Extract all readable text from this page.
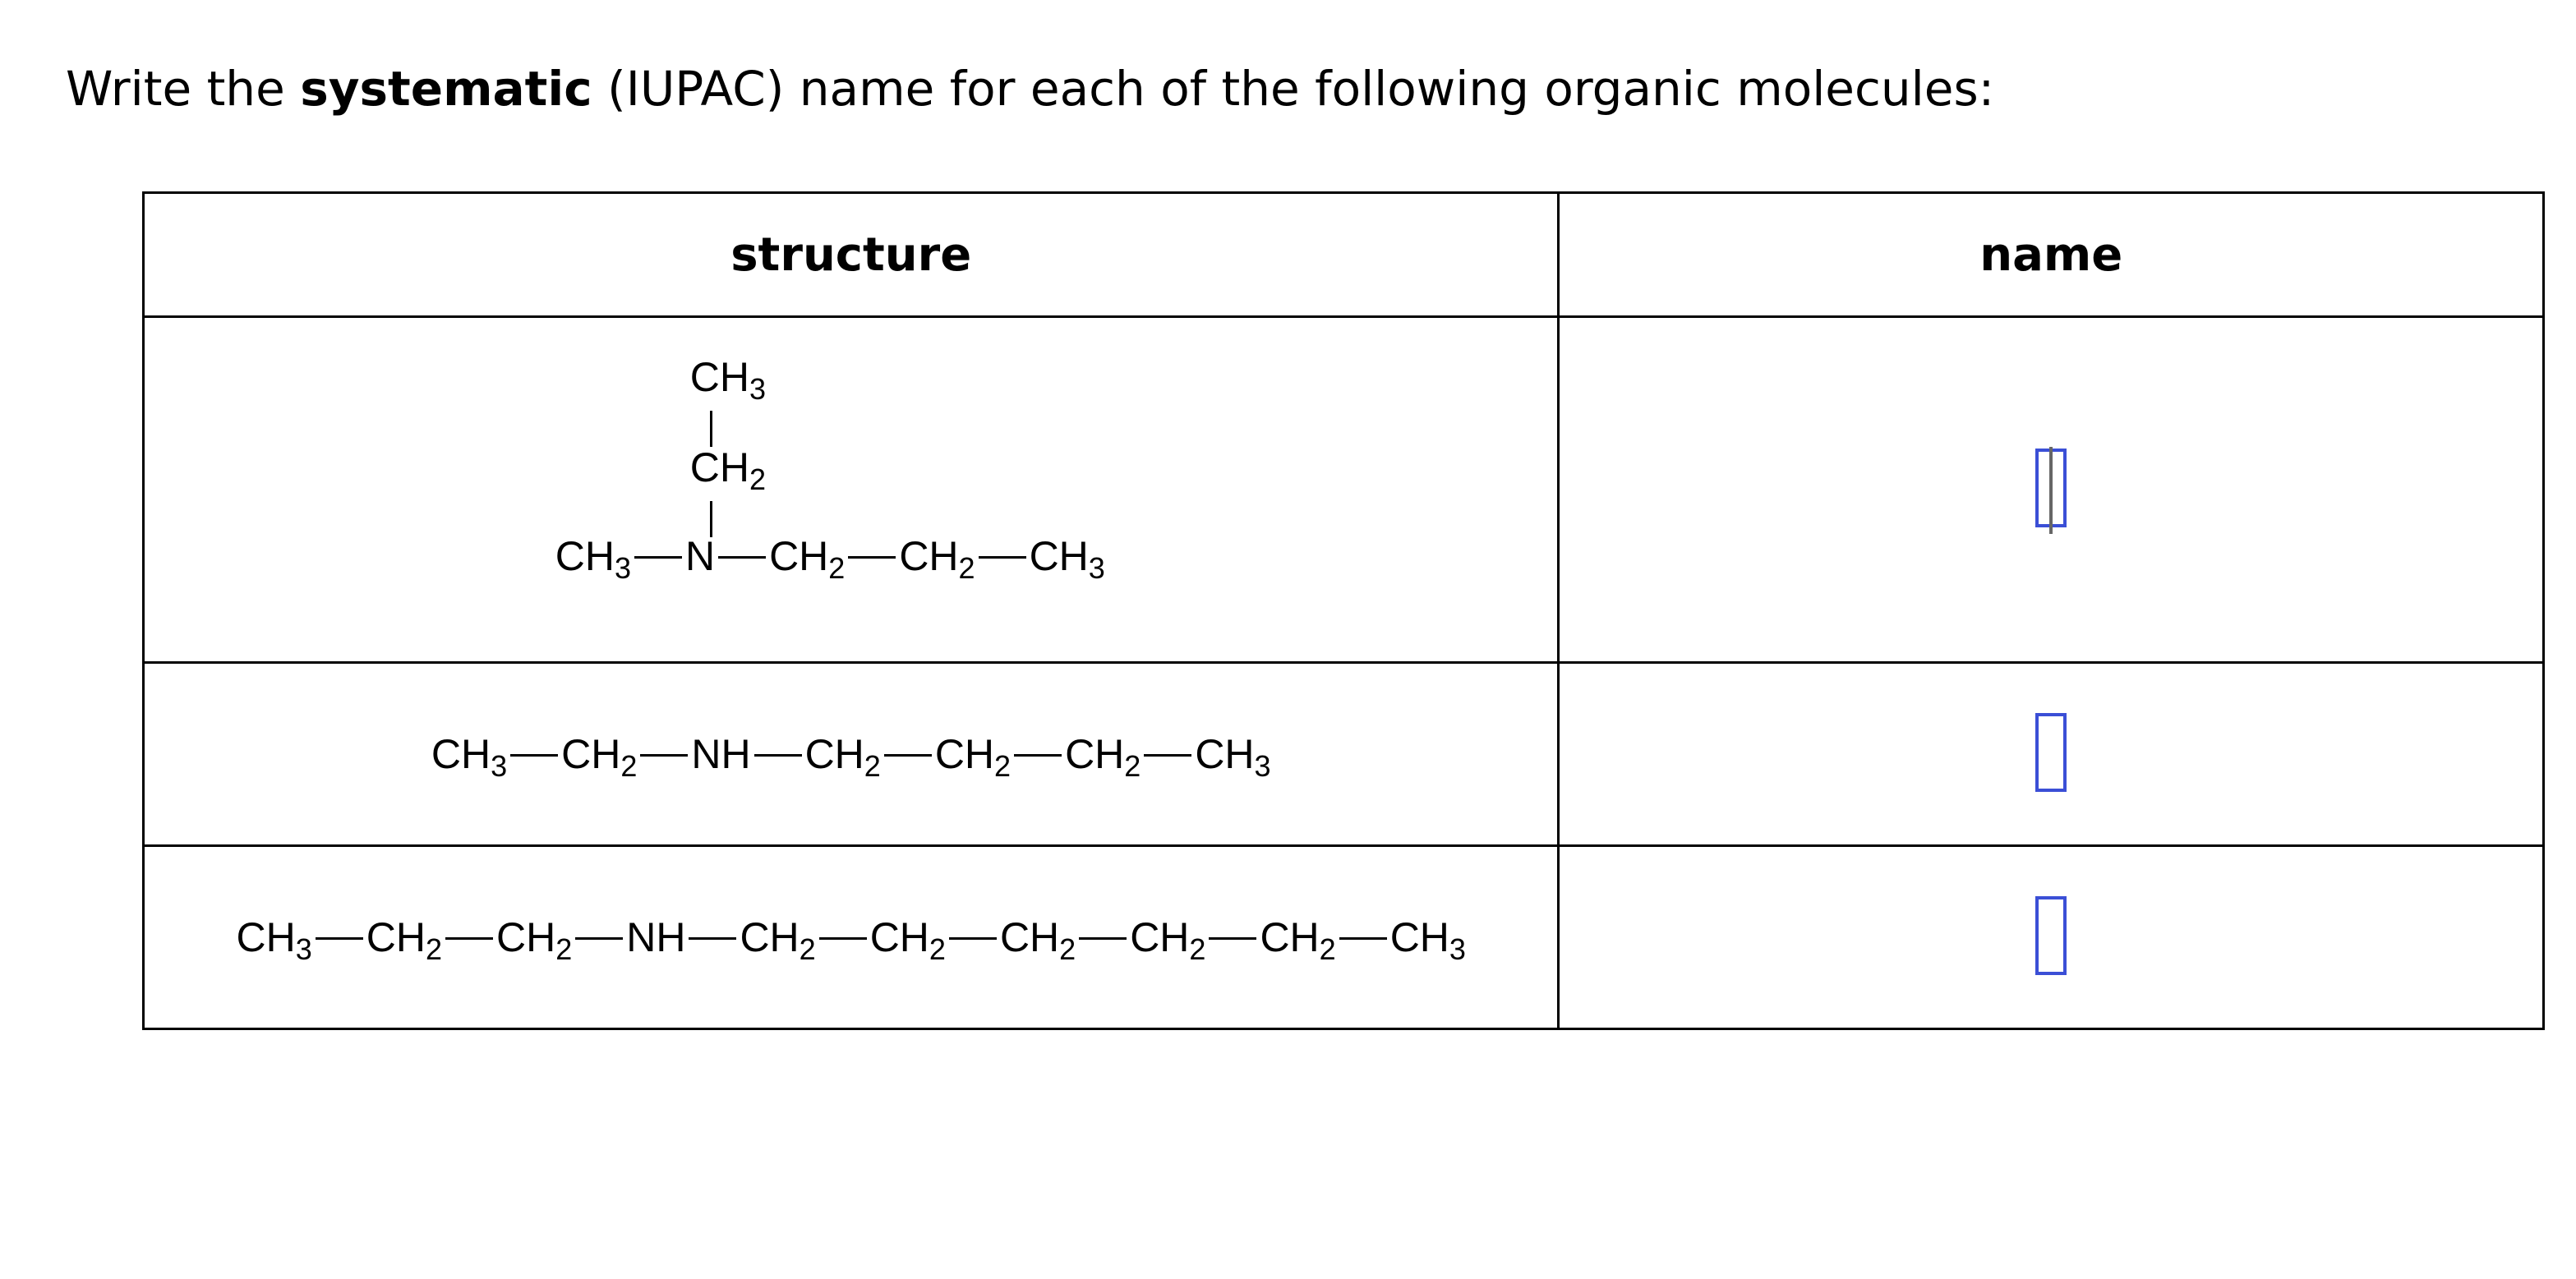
Write the systematic (IUPAC) name for each of the following organic molecules:
structure	name

$CH_3$
$CH_2$
$CH_3$ N $CH_2$ $CH_2$ $CH_3$

$CH_3$ $CH_2$ NH $CH_2$ $CH_2$ $CH_2$ $CH_3$	
$CH_3$ $CH_2$ $CH_2$ NH $CH_2$ $CH_2$ $CH_2$ $CH_2$ $CH_2$ $CH_3$	
